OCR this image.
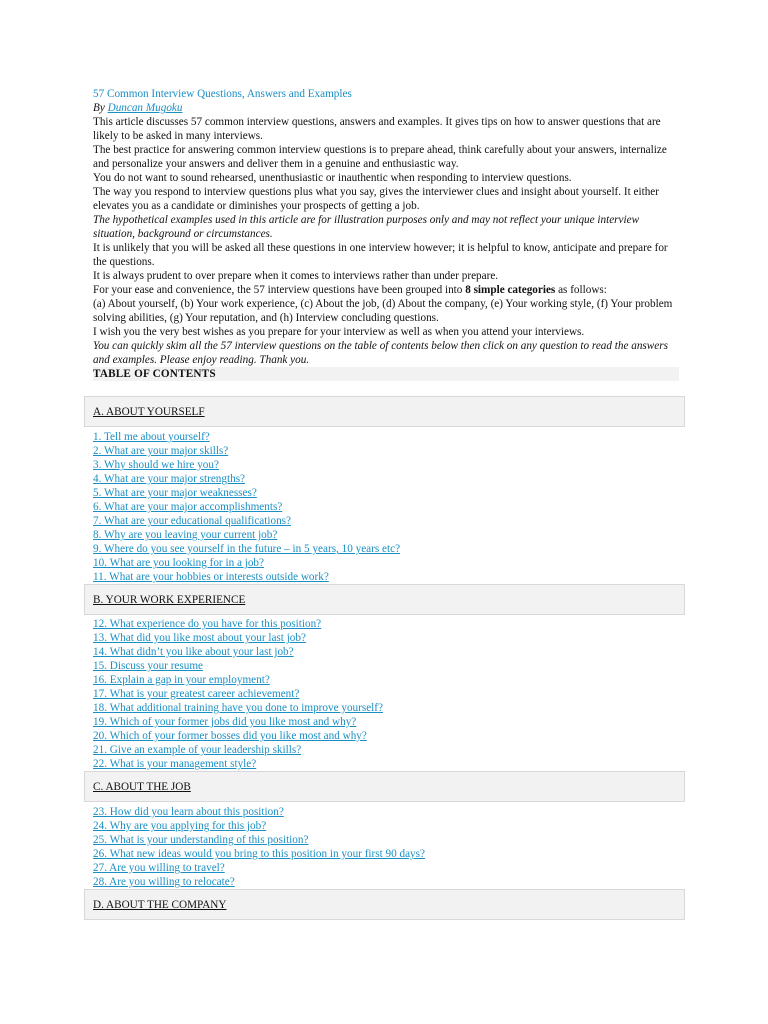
57 Common Interview Questions, Answers and Examples
By Duncan Mugoku

This article discusses 57 common interview questions, answers and examples. It gives tips on how to answer questions that are likely to be asked in many interviews.

The best practice for answering common interview questions is to prepare ahead, think carefully about your answers, internalize and personalize your answers and deliver them in a genuine and enthusiastic way.

You do not want to sound rehearsed, unenthusiastic or inauthentic when responding to interview questions.

The way you respond to interview questions plus what you say, gives the interviewer clues and insight about yourself. It either elevates you as a candidate or diminishes your prospects of getting a job.

The hypothetical examples used in this article are for illustration purposes only and may not reflect your unique interview situation, background or circumstances.

It is unlikely that you will be asked all these questions in one interview however; it is helpful to know, anticipate and prepare for the questions.

It is always prudent to over prepare when it comes to interviews rather than under prepare.

For your ease and convenience, the 57 interview questions have been grouped into 8 simple categories as follows:

(a) About yourself, (b) Your work experience, (c) About the job, (d) About the company, (e) Your working style, (f) Your problem solving abilities, (g) Your reputation, and (h) Interview concluding questions.

I wish you the very best wishes as you prepare for your interview as well as when you attend your interviews.

You can quickly skim all the 57 interview questions on the table of contents below then click on any question to read the answers and examples. Please enjoy reading. Thank you.

TABLE OF CONTENTS
A. ABOUT YOURSELF
1. Tell me about yourself?
2. What are your major skills?
3. Why should we hire you?
4. What are your major strengths?
5. What are your major weaknesses?
6. What are your major accomplishments?
7. What are your educational qualifications?
8. Why are you leaving your current job?
9. Where do you see yourself in the future – in 5 years, 10 years etc?
10. What are you looking for in a job?
11. What are your hobbies or interests outside work?
B. YOUR WORK EXPERIENCE
12. What experience do you have for this position?
13. What did you like most about your last job?
14. What didn’t you like about your last job?
15. Discuss your resume
16. Explain a gap in your employment?
17. What is your greatest career achievement?
18. What additional training have you done to improve yourself?
19. Which of your former jobs did you like most and why?
20. Which of your former bosses did you like most and why?
21. Give an example of your leadership skills?
22. What is your management style?
C. ABOUT THE JOB
23. How did you learn about this position?
24. Why are you applying for this job?
25. What is your understanding of this position?
26. What new ideas would you bring to this position in your first 90 days?
27. Are you willing to travel?
28. Are you willing to relocate?
D. ABOUT THE COMPANY
